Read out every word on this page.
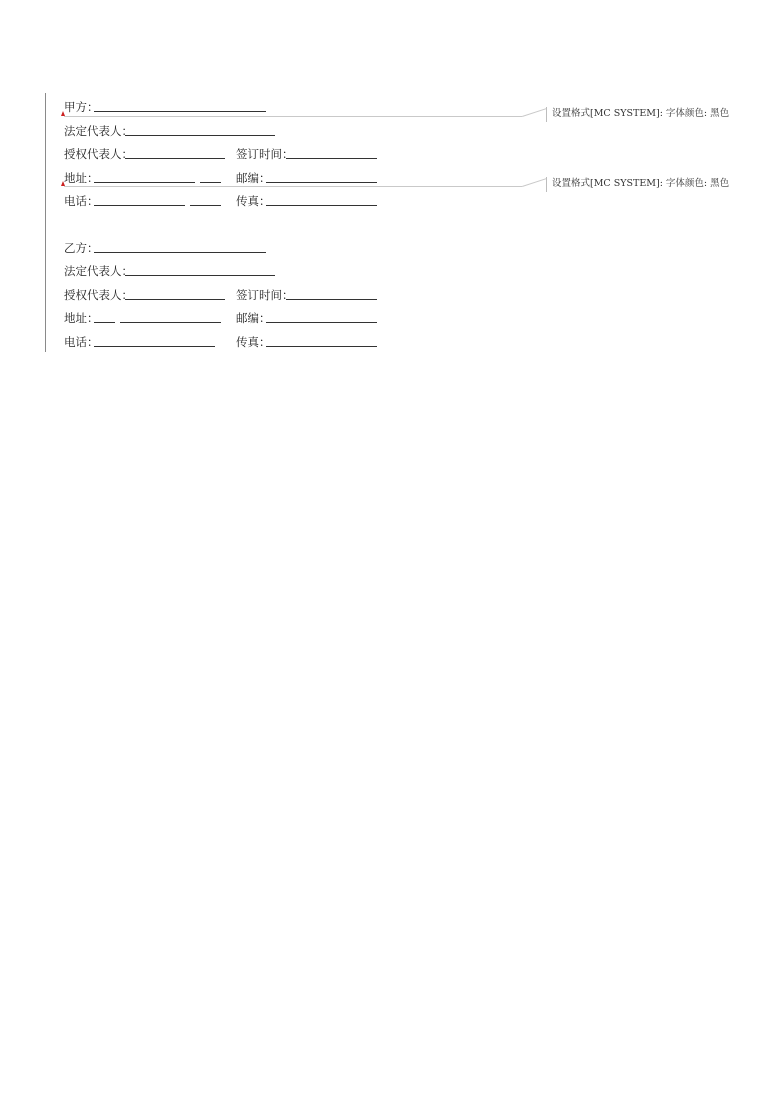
设置格式[MC SYSTEM]: 字体颜色: 黑色
设置格式[MC SYSTEM]: 字体颜色: 黑色
甲方：
法定代表人：
授权代表人：	签订时间：
地址：	邮编：
电话：	传真：
乙方：
法定代表人：
授权代表人：	签订时间：
地址：	邮编：
电话：	传真：
